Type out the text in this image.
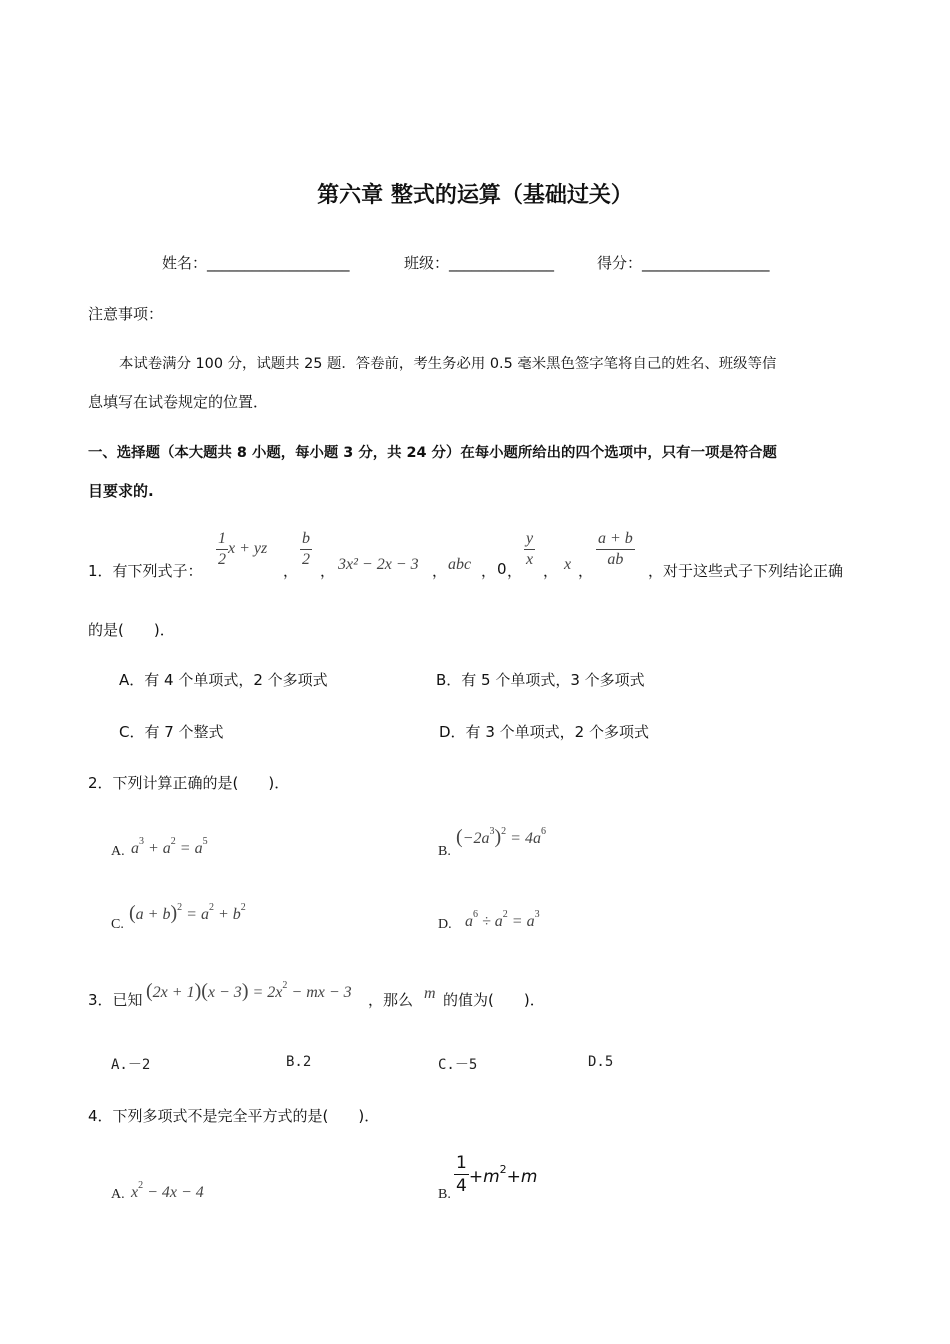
第六章 整式的运算（基础过关）
姓名：___________________	班级：______________	得分：_________________
注意事项：
本试卷满分 100 分，试题共 25 题．答卷前，考生务必用 0.5 毫米黑色签字笔将自己的姓名、班级等信
息填写在试卷规定的位置．
一、选择题（本大题共 8 小题，每小题 3 分，共 24 分）在每小题所给出的四个选项中，只有一项是符合题
目要求的.
1．有下列式子：
$\frac{1}{2}$ x + yz
，
$\frac{b}{2}$
， 3x² − 2x − 3 ， abc ， 0 ，
$\frac{y}{x}$
， x ，
$\frac{a + b}{ab}$
，对于这些式子下列结论正确
的是(　　)．
A．有 4 个单项式，2 个多项式	B．有 5 个单项式，3 个多项式
C．有 7 个整式	D．有 3 个单项式，2 个多项式
2．下列计算正确的是(　　)．
A. $a^3 + a^2 = a^5$
B.
$(-2a^3)^2 = 4a^6$
C.
$(a + b)^2 = a^2 + b^2$
D. $a^6 \div a^2 = a^3$
3．已知 $(2x + 1)(x - 3) = 2x^2$ − mx − 3 ，那么 m 的值为(　　)．
A.－2	B.2	C.－5	D.5
4．下列多项式不是完全平方式的是(　　)．
A. $x^2 - 4x - 4$	B. $\frac{1}{4} +m^2+m$
